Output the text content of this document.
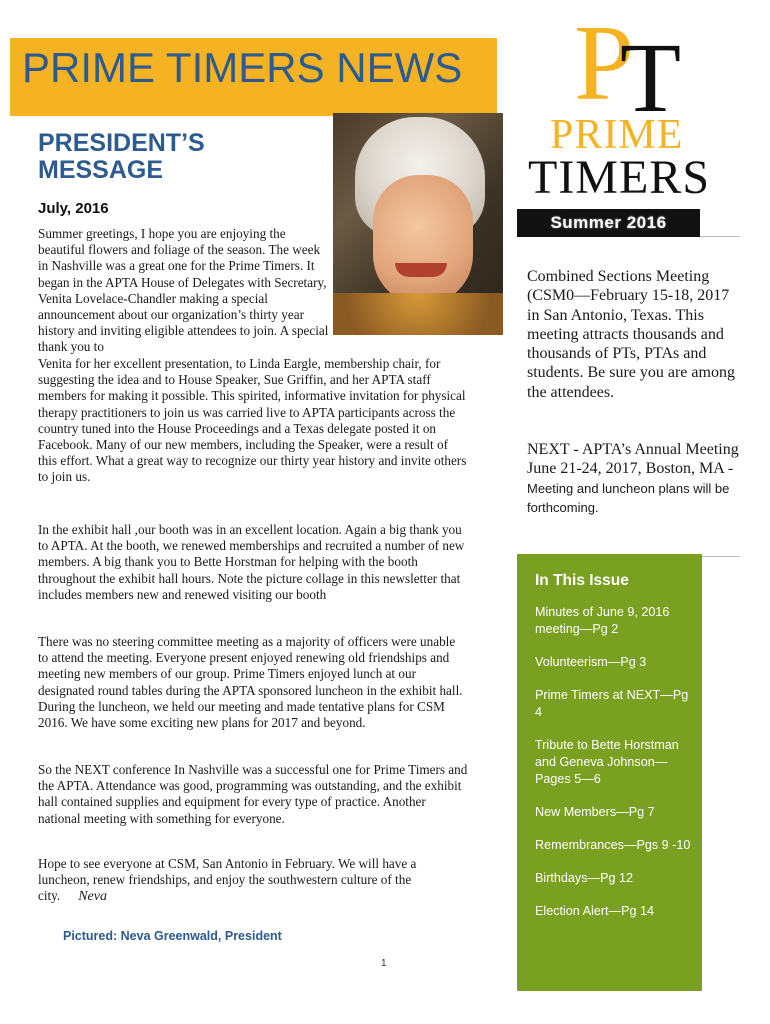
PRIME TIMERS NEWS
PRESIDENT’S MESSAGE
July, 2016

Summer greetings, I hope you are enjoying the beautiful flowers and foliage of the season. The week in Nashville was a great one for the Prime Timers. It began in the APTA House of Delegates with Secretary, Venita Lovelace-Chandler making a special announcement about our organization’s thirty year history and inviting eligible attendees to join. A special thank you to

Venita for her excellent presentation, to Linda Eargle, membership chair, for suggesting the idea and to House Speaker, Sue Griffin, and her APTA staff members for making it possible. This spirited, informative invitation for physical therapy practitioners to join us was carried live to APTA participants across the country tuned into the House Proceedings and a Texas delegate posted it on Facebook. Many of our new members, including the Speaker, were a result of this effort. What a great way to recognize our thirty year history and invite others to join us.

In the exhibit hall ,our booth was in an excellent location. Again a big thank you to APTA. At the booth, we renewed memberships and recruited a number of new members. A big thank you to Bette Horstman for helping with the booth throughout the exhibit hall hours. Note the picture collage in this newsletter that includes members new and renewed visiting our booth

There was no steering committee meeting as a majority of officers were unable to attend the meeting. Everyone present enjoyed renewing old friendships and meeting new members of our group. Prime Timers enjoyed lunch at our designated round tables during the APTA sponsored luncheon in the exhibit hall. During the luncheon, we held our meeting and made tentative plans for CSM 2016. We have some exciting new plans for 2017 and beyond.

So the NEXT conference In Nashville was a successful one for Prime Timers and the APTA. Attendance was good, programming was outstanding, and the exhibit hall contained supplies and equipment for every type of practice. Another national meeting with something for everyone.

Hope to see everyone at CSM, San Antonio in February. We will have a luncheon, renew friendships, and enjoy the southwestern culture of the city. Neva

Pictured: Neva Greenwald, President
1
P
T
PRIME
TIMERS
Summer 2016
Combined Sections Meeting (CSM0—February 15-18, 2017 in San Antonio, Texas. This meeting attracts thousands and thousands of PTs, PTAs and students. Be sure you are among the attendees.
NEXT - APTA’s Annual Meeting June 21-24, 2017, Boston, MA - Meeting and luncheon plans will be forthcoming.
In This Issue
Minutes of June 9, 2016 meeting—Pg 2
Volunteerism—Pg 3
Prime Timers at NEXT—Pg 4
Tribute to Bette Horstman and Geneva Johnson—Pages 5—6
New Members—Pg 7
Remembrances—Pgs 9 -10
Birthdays—Pg 12
Election Alert—Pg 14
